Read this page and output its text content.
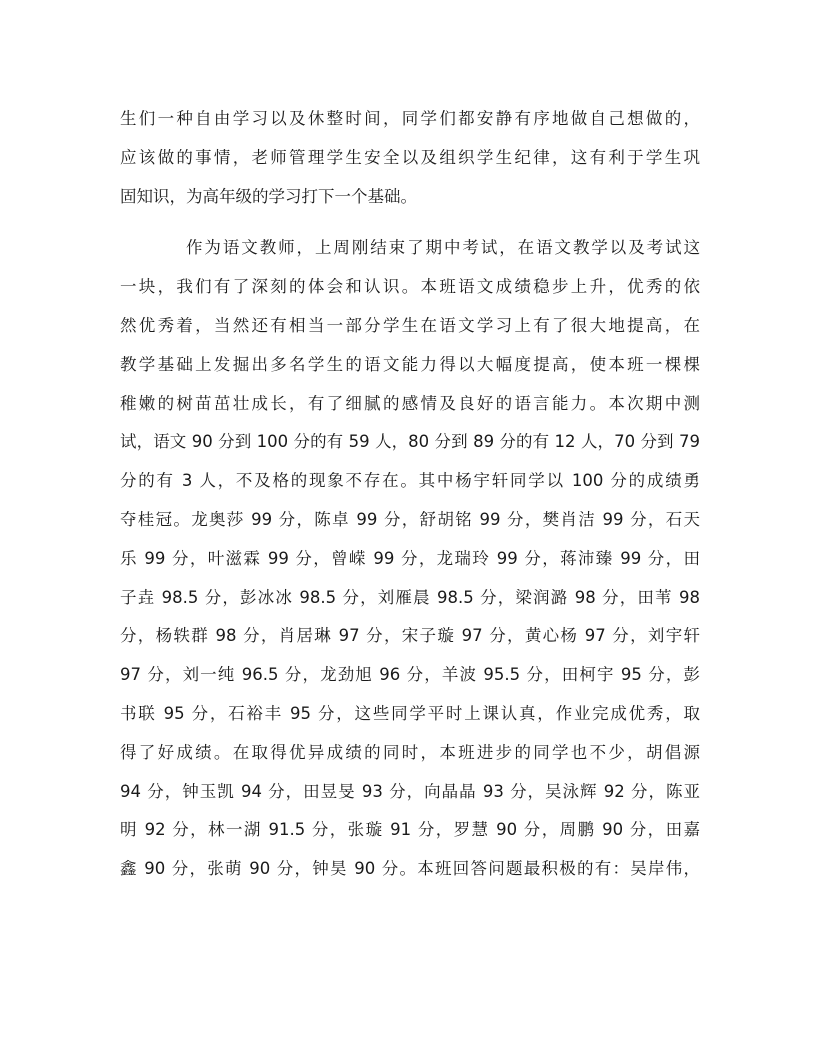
生们一种自由学习以及休整时间，同学们都安静有序地做自己想做的，
应该做的事情，老师管理学生安全以及组织学生纪律，这有利于学生巩
固知识，为高年级的学习打下一个基础。
作为语文教师，上周刚结束了期中考试，在语文教学以及考试这
一块，我们有了深刻的体会和认识。本班语文成绩稳步上升，优秀的依
然优秀着，当然还有相当一部分学生在语文学习上有了很大地提高，在
教学基础上发掘出多名学生的语文能力得以大幅度提高，使本班一棵棵
稚嫩的树苗茁壮成长，有了细腻的感情及良好的语言能力。本次期中测
试，语文 90 分到 100 分的有 59 人，80 分到 89 分的有 12 人，70 分到 79
分的有 3 人，不及格的现象不存在。其中杨宇轩同学以 100 分的成绩勇
夺桂冠。龙奥莎 99 分，陈卓 99 分，舒胡铭 99 分，樊肖洁 99 分，石天
乐 99 分，叶滋霖 99 分，曾嵘 99 分，龙瑞玲 99 分，蒋沛臻 99 分，田
子垚 98.5 分，彭冰冰 98.5 分，刘雁晨 98.5 分，梁润潞 98 分，田苇 98
分，杨轶群 98 分，肖居琳 97 分，宋子璇 97 分，黄心杨 97 分，刘宇轩
97 分，刘一纯 96.5 分，龙劲旭 96 分，羊波 95.5 分，田柯宇 95 分，彭
书联 95 分，石裕丰 95 分，这些同学平时上课认真，作业完成优秀，取
得了好成绩。在取得优异成绩的同时，本班进步的同学也不少，胡倡源
94 分，钟玉凯 94 分，田昱旻 93 分，向晶晶 93 分，吴泳辉 92 分，陈亚
明 92 分，林一湖 91.5 分，张璇 91 分，罗慧 90 分，周鹏 90 分，田嘉
鑫 90 分，张萌 90 分，钟昊 90 分。本班回答问题最积极的有：吴岸伟，
